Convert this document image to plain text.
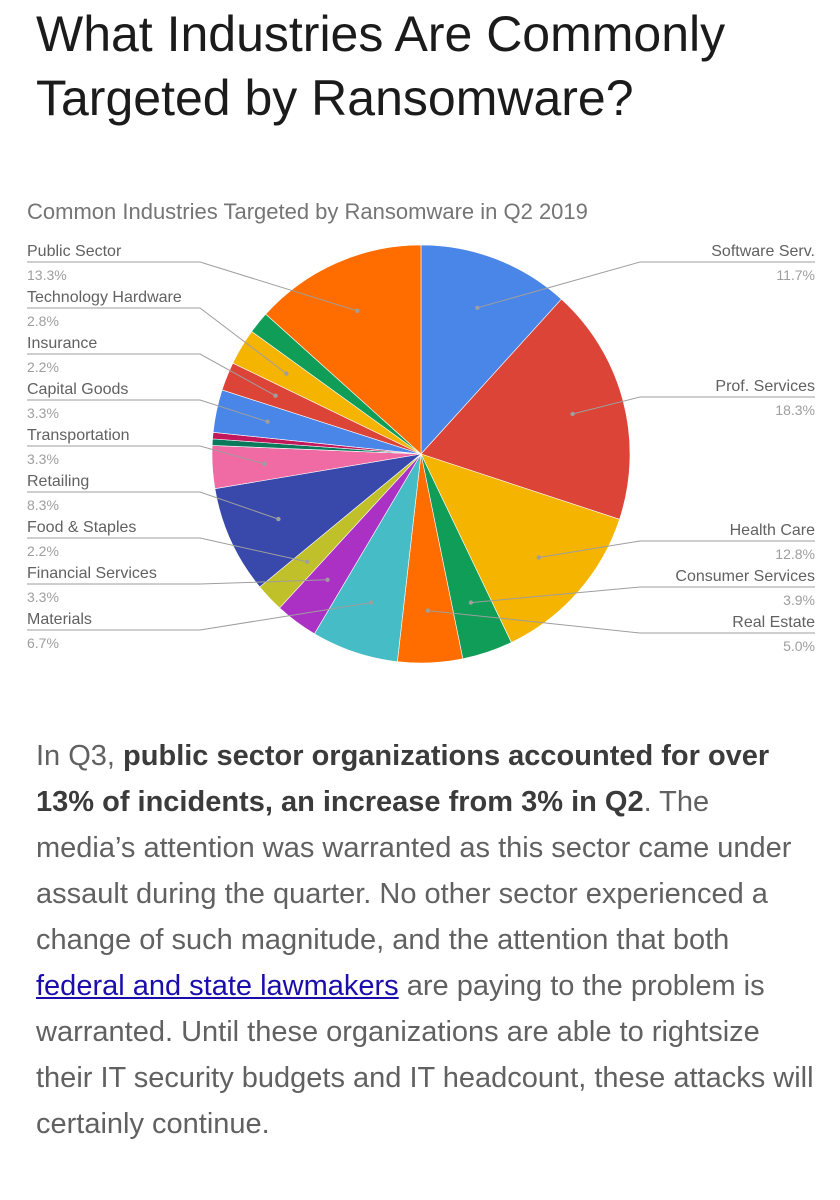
What Industries Are Commonly Targeted by Ransomware?
Common Industries Targeted by Ransomware in Q2 2019
Software Serv.
11.7%
Prof. Services
18.3%
Health Care
12.8%
Consumer Services
3.9%
Real Estate
5.0%
Materials
6.7%
Financial Services
3.3%
Food & Staples
2.2%
Retailing
8.3%
Transportation
3.3%
Capital Goods
3.3%
Insurance
2.2%
Technology Hardware
2.8%
Public Sector
13.3%

In Q3, public sector organizations accounted for over 13% of incidents, an increase from 3% in Q2. The media’s attention was warranted as this sector came under assault during the quarter. No other sector experienced a change of such magnitude, and the attention that both federal and state lawmakers are paying to the problem is warranted. Until these organizations are able to rightsize their IT security budgets and IT headcount, these attacks will certainly continue.
